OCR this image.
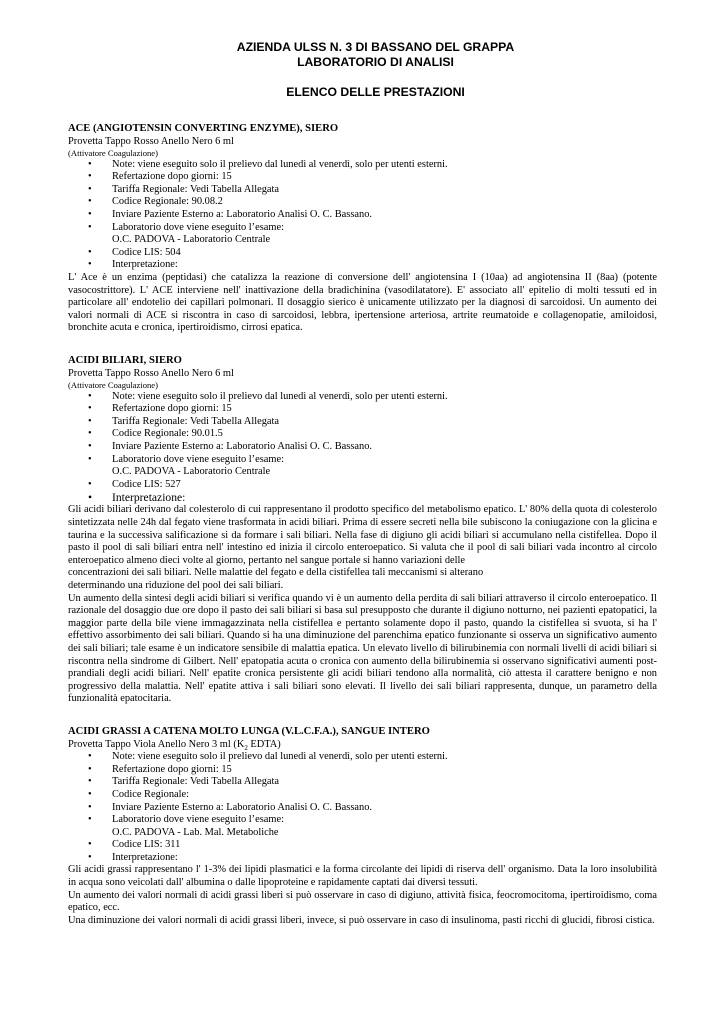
AZIENDA ULSS N. 3 DI BASSANO DEL GRAPPA
LABORATORIO DI ANALISI
ELENCO DELLE PRESTAZIONI
ACE (ANGIOTENSIN CONVERTING ENZYME), SIERO
Provetta Tappo Rosso Anello Nero 6 ml
(Attivatore Coagulazione)
• Note: viene eseguito solo il prelievo dal lunedì al venerdì, solo per utenti esterni.
• Refertazione dopo giorni: 15
• Tariffa Regionale: Vedi Tabella Allegata
• Codice Regionale: 90.08.2
• Inviare Paziente Esterno a: Laboratorio Analisi O. C. Bassano.
• Laboratorio dove viene eseguito l’esame:
O.C. PADOVA - Laboratorio Centrale
• Codice LIS: 504
• Interpretazione:

L' Ace è un enzima (peptidasi) che catalizza la reazione di conversione dell' angiotensina I (10aa) ad angiotensina II (8aa) (potente vasocostrittore). L' ACE interviene nell' inattivazione della bradichinina (vasodilatatore). E' associato all' epitelio di molti tessuti ed in particolare all' endotelio dei capillari polmonari. Il dosaggio sierico è unicamente utilizzato per la diagnosi di sarcoidosi. Un aumento dei valori normali di ACE si riscontra in caso di sarcoidosi, lebbra, ipertensione arteriosa, artrite reumatoide e collagenopatie, amiloidosi, bronchite acuta e cronica, ipertiroidismo, cirrosi epatica.

ACIDI BILIARI, SIERO
Provetta Tappo Rosso Anello Nero 6 ml
(Attivatore Coagulazione)
• Note: viene eseguito solo il prelievo dal lunedì al venerdì, solo per utenti esterni.
• Refertazione dopo giorni: 15
• Tariffa Regionale: Vedi Tabella Allegata
• Codice Regionale: 90.01.5
• Inviare Paziente Esterno a: Laboratorio Analisi O. C. Bassano.
• Laboratorio dove viene eseguito l’esame:
O.C. PADOVA - Laboratorio Centrale
• Codice LIS: 527
• Interpretazione:

Gli acidi biliari derivano dal colesterolo di cui rappresentano il prodotto specifico del metabolismo epatico. L' 80% della quota di colesterolo sintetizzata nelle 24h dal fegato viene trasformata in acidi biliari. Prima di essere secreti nella bile subiscono la coniugazione con la glicina e taurina e la successiva salificazione si da formare i sali biliari. Nella fase di digiuno gli acidi biliari si accumulano nella cistifellea. Dopo il pasto il pool di sali biliari entra nell' intestino ed inizia il circolo enteroepatico. Si valuta che il pool di sali biliari vada incontro al circolo enteroepatico almeno dieci volte al giorno, pertanto nel sangue portale si hanno variazioni delle

concentrazioni dei sali biliari. Nelle malattie del fegato e della cistifellea tali meccanismi si alterano

determinando una riduzione del pool dei sali biliari.

Un aumento della sintesi degli acidi biliari si verifica quando vi è un aumento della perdita di sali biliari attraverso il circolo enteroepatico. Il razionale del dosaggio due ore dopo il pasto dei sali biliari si basa sul presupposto che durante il digiuno notturno, nei pazienti epatopatici, la maggior parte della bile viene immagazzinata nella cistifellea e pertanto solamente dopo il pasto, quando la cistifellea si svuota, si ha l' effettivo assorbimento dei sali biliari. Quando si ha una diminuzione del parenchima epatico funzionante si osserva un significativo aumento dei sali biliari; tale esame è un indicatore sensibile di malattia epatica. Un elevato livello di bilirubinemia con normali livelli di acidi biliari si riscontra nella sindrome di Gilbert. Nell' epatopatia acuta o cronica con aumento della bilirubinemia si osservano significativi aumenti post-prandiali degli acidi biliari. Nell' epatite cronica persistente gli acidi biliari tendono alla normalità, ciò attesta il carattere benigno e non progressivo della malattia. Nell' epatite attiva i sali biliari sono elevati. Il livello dei sali biliari rappresenta, dunque, un parametro della funzionalità epatocitaria.

ACIDI GRASSI A CATENA MOLTO LUNGA (V.L.C.F.A.), SANGUE INTERO
Provetta Tappo Viola Anello Nero 3 ml ($K_2$ EDTA)
• Note: viene eseguito solo il prelievo dal lunedì al venerdì, solo per utenti esterni.
• Refertazione dopo giorni: 15
• Tariffa Regionale: Vedi Tabella Allegata
• Codice Regionale:
• Inviare Paziente Esterno a: Laboratorio Analisi O. C. Bassano.
• Laboratorio dove viene eseguito l’esame:
O.C. PADOVA - Lab. Mal. Metaboliche
• Codice LIS: 311
• Interpretazione:

Gli acidi grassi rappresentano l' 1-3% dei lipidi plasmatici e la forma circolante dei lipidi di riserva dell' organismo. Data la loro insolubilità in acqua sono veicolati dall' albumina o dalle lipoproteine e rapidamente captati dai diversi tessuti.

Un aumento dei valori normali di acidi grassi liberi si può osservare in caso di digiuno, attività fisica, feocromocitoma, ipertiroidismo, coma epatico, ecc.

Una diminuzione dei valori normali di acidi grassi liberi, invece, si può osservare in caso di insulinoma, pasti ricchi di glucidi, fibrosi cistica.
